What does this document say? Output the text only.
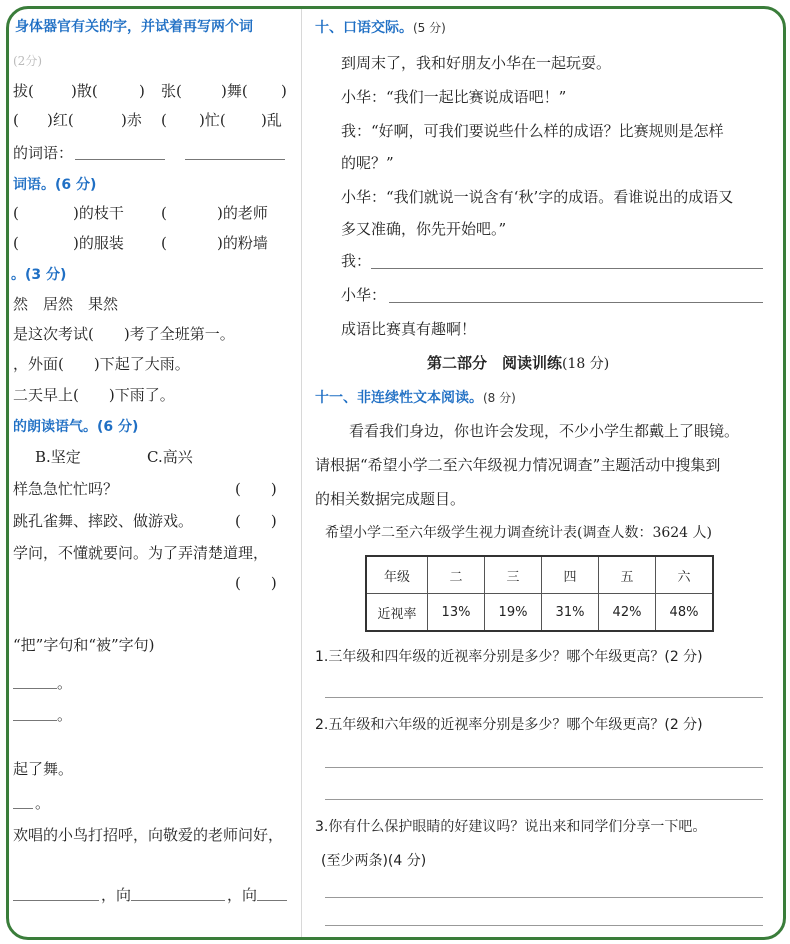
身体器官有关的字，并试着再写两个词
(2分)
拔( )散(	) 张(	)舞( )
( )红(	)赤 ( )忙( )乱
的词语：
词语。(6 分)
(	)的枝干 (	)的老师
(	)的服装 (	)的粉墙
。(3 分)
然　居然　果然
是这次考试(　　)考了全班第一。
，外面(　　)下起了大雨。
二天早上(　　)下雨了。
的朗读语气。(6 分)
B.坚定	C.高兴
样急急忙忙吗？	(　　)
跳孔雀舞、摔跤、做游戏。	(　　)
学问，不懂就要问。为了弄清楚道理，
(　　)
“把”字句和“被”字句)
。
。
起了舞。
。
欢唱的小鸟打招呼，向敬爱的老师问好，
，向	，向
十、口语交际。(5 分)
到周末了，我和好朋友小华在一起玩耍。
小华：“我们一起比赛说成语吧！”
我：“好啊，可我们要说些什么样的成语？比赛规则是怎样
的呢？”
小华：“我们就说一说含有‘秋’字的成语。看谁说出的成语又
多又准确，你先开始吧。”
我：
小华：
成语比赛真有趣啊！
第二部分　阅读训练(18 分)
十一、非连续性文本阅读。(8 分)
看看我们身边，你也许会发现，不少小学生都戴上了眼镜。
请根据“希望小学二至六年级视力情况调查”主题活动中搜集到
的相关数据完成题目。
希望小学二至六年级学生视力调查统计表(调查人数：3624 人)
年级	二	三	四	五	六
近视率	13%	19%	31%	42%	48%
1.三年级和四年级的近视率分别是多少？哪个年级更高？(2 分)
2.五年级和六年级的近视率分别是多少？哪个年级更高？(2 分)
3.你有什么保护眼睛的好建议吗？说出来和同学们分享一下吧。
(至少两条)(4 分)
